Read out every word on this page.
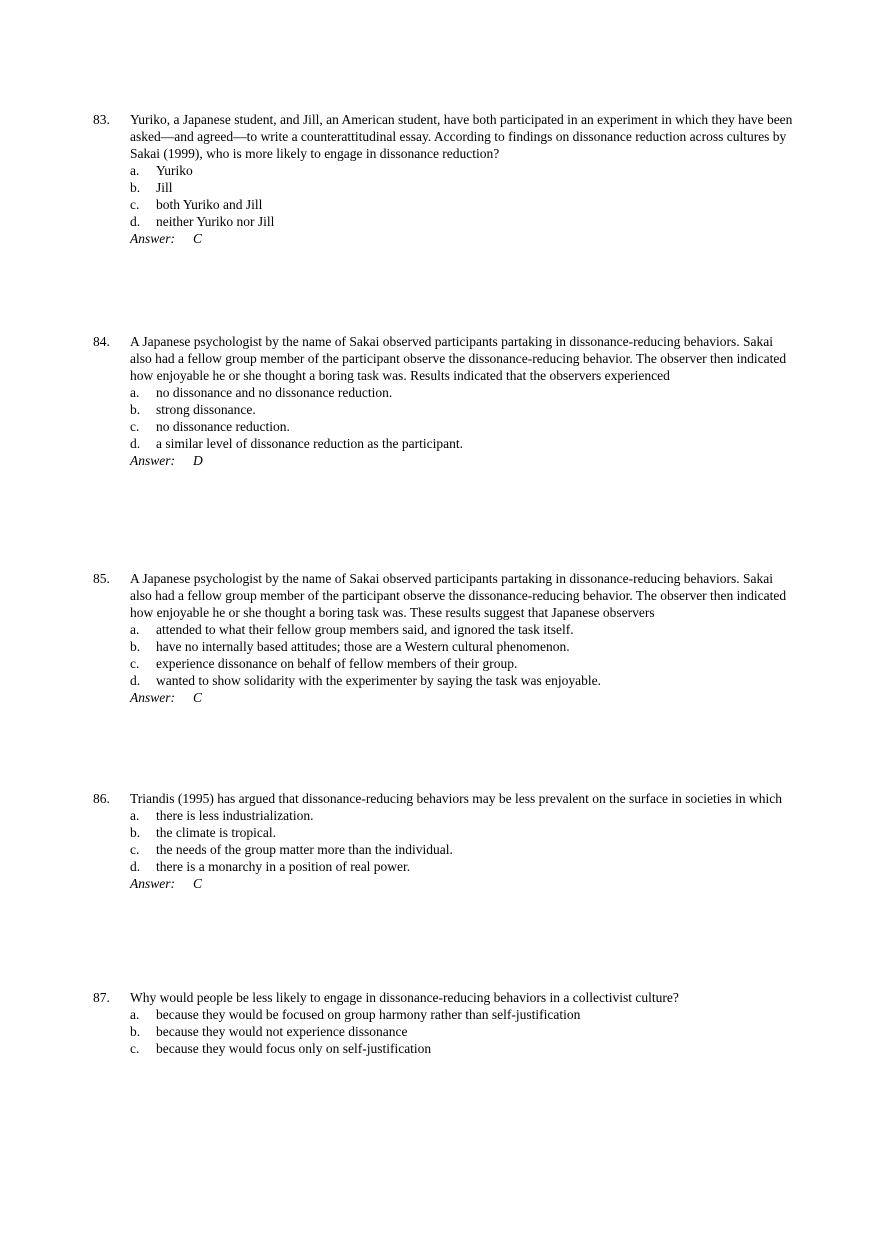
83.	Yuriko, a Japanese student, and Jill, an American student, have both participated in an experiment in which they have been asked—and agreed—to write a counterattitudinal essay. According to findings on dissonance reduction across cultures by Sakai (1999), who is more likely to engage in dissonance reduction?
a.	Yuriko
b.	Jill
c.	both Yuriko and Jill
d.	neither Yuriko nor Jill
Answer: C
84.	A Japanese psychologist by the name of Sakai observed participants partaking in dissonance-reducing behaviors. Sakai also had a fellow group member of the participant observe the dissonance-reducing behavior. The observer then indicated how enjoyable he or she thought a boring task was. Results indicated that the observers experienced
a.	no dissonance and no dissonance reduction.
b.	strong dissonance.
c.	no dissonance reduction.
d.	a similar level of dissonance reduction as the participant.
Answer: D
85.	A Japanese psychologist by the name of Sakai observed participants partaking in dissonance-reducing behaviors. Sakai also had a fellow group member of the participant observe the dissonance-reducing behavior. The observer then indicated how enjoyable he or she thought a boring task was. These results suggest that Japanese observers
a.	attended to what their fellow group members said, and ignored the task itself.
b.	have no internally based attitudes; those are a Western cultural phenomenon.
c.	experience dissonance on behalf of fellow members of their group.
d.	wanted to show solidarity with the experimenter by saying the task was enjoyable.
Answer: C
86.	Triandis (1995) has argued that dissonance-reducing behaviors may be less prevalent on the surface in societies in which
a.	there is less industrialization.
b.	the climate is tropical.
c.	the needs of the group matter more than the individual.
d.	there is a monarchy in a position of real power.
Answer: C
87.	Why would people be less likely to engage in dissonance-reducing behaviors in a collectivist culture?
a.	because they would be focused on group harmony rather than self-justification
b.	because they would not experience dissonance
c.	because they would focus only on self-justification
